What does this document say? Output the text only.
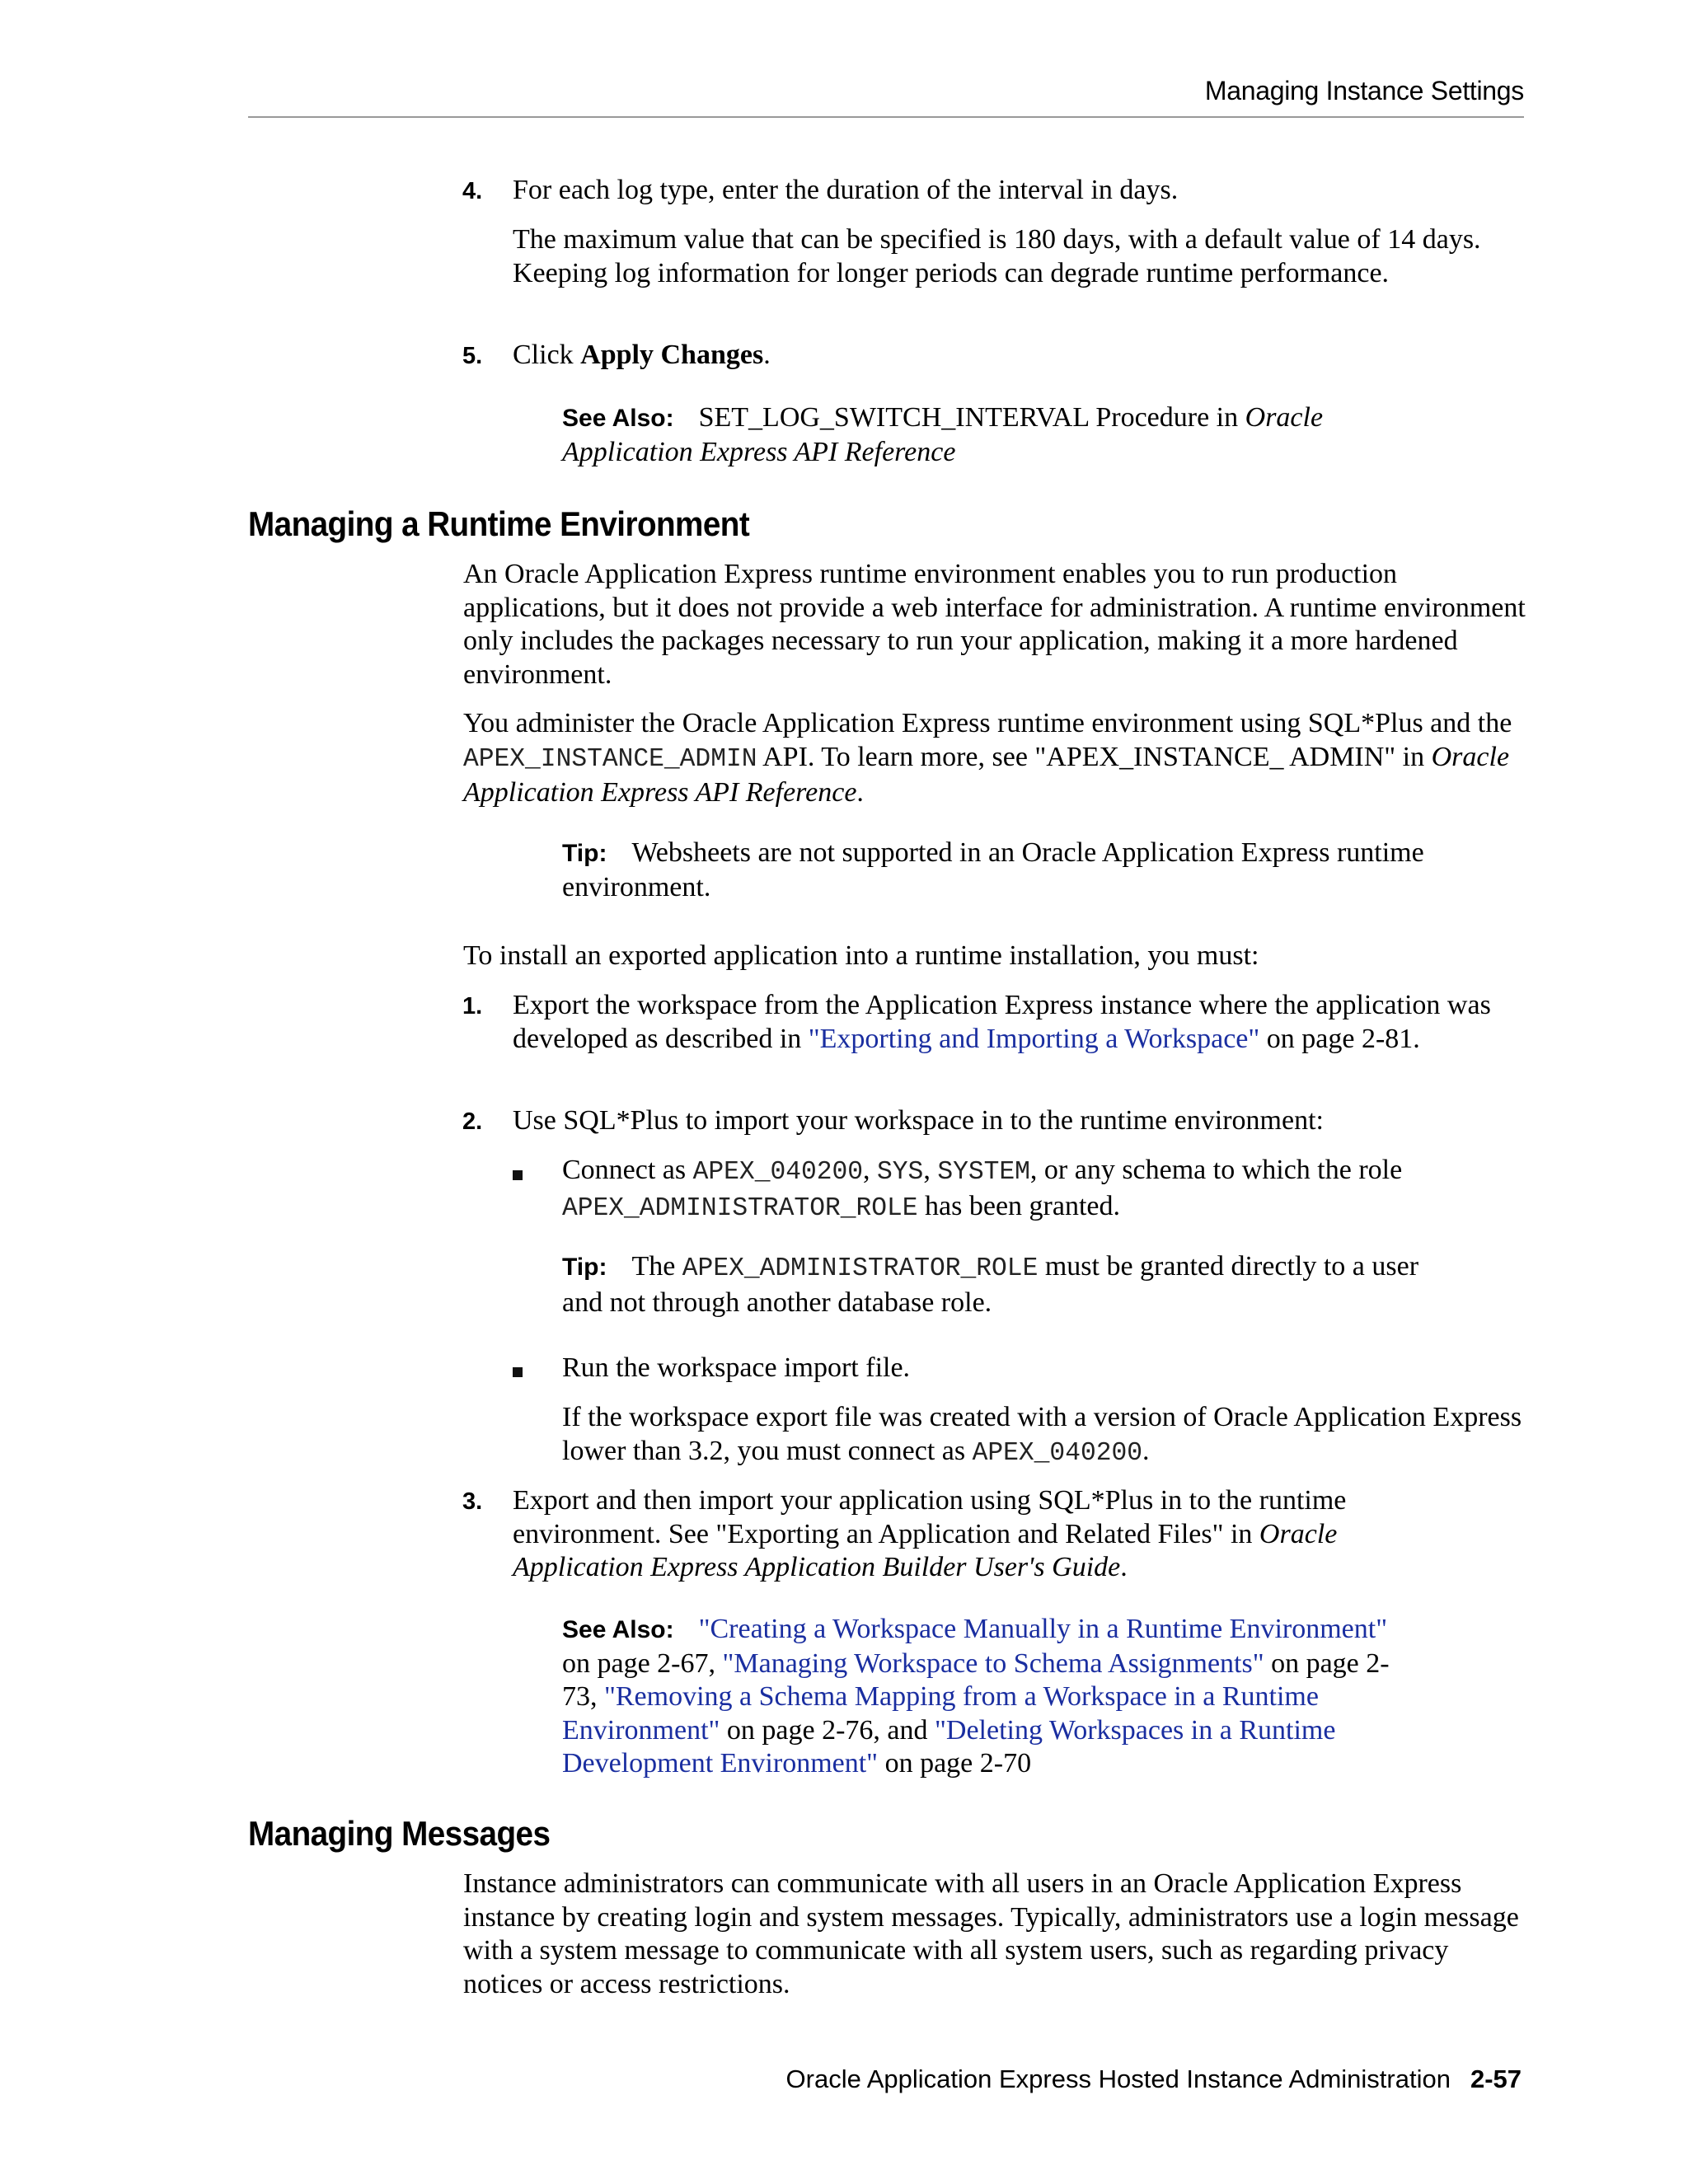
Managing Instance Settings
4. For each log type, enter the duration of the interval in days.

The maximum value that can be specified is 180 days, with a default value of 14 days. Keeping log information for longer periods can degrade runtime performance.

5. Click Apply Changes.

See Also: SET_LOG_SWITCH_INTERVAL Procedure in Oracle Application Express API Reference

Managing a Runtime Environment

An Oracle Application Express runtime environment enables you to run production applications, but it does not provide a web interface for administration. A runtime environment only includes the packages necessary to run your application, making it a more hardened environment.

You administer the Oracle Application Express runtime environment using SQL*Plus and the APEX_INSTANCE_ADMIN API. To learn more, see "APEX_INSTANCE_ ADMIN" in Oracle Application Express API Reference.

Tip: Websheets are not supported in an Oracle Application Express runtime environment.

To install an exported application into a runtime installation, you must:

1. Export the workspace from the Application Express instance where the application was developed as described in "Exporting and Importing a Workspace" on page 2-81.

2. Use SQL*Plus to import your workspace in to the runtime environment:

Connect as APEX_040200, SYS, SYSTEM, or any schema to which the role APEX_ADMINISTRATOR_ROLE has been granted.

Tip: The APEX_ADMINISTRATOR_ROLE must be granted directly to a user and not through another database role.

Run the workspace import file.

If the workspace export file was created with a version of Oracle Application Express lower than 3.2, you must connect as APEX_040200.

3. Export and then import your application using SQL*Plus in to the runtime environment. See "Exporting an Application and Related Files" in Oracle Application Express Application Builder User's Guide.

See Also: "Creating a Workspace Manually in a Runtime Environment" on page 2-67, "Managing Workspace to Schema Assignments" on page 2-73, "Removing a Schema Mapping from a Workspace in a Runtime Environment" on page 2-76, and "Deleting Workspaces in a Runtime Development Environment" on page 2-70

Managing Messages

Instance administrators can communicate with all users in an Oracle Application Express instance by creating login and system messages. Typically, administrators use a login message with a system message to communicate with all system users, such as regarding privacy notices or access restrictions.

Oracle Application Express Hosted Instance Administration 2-57
